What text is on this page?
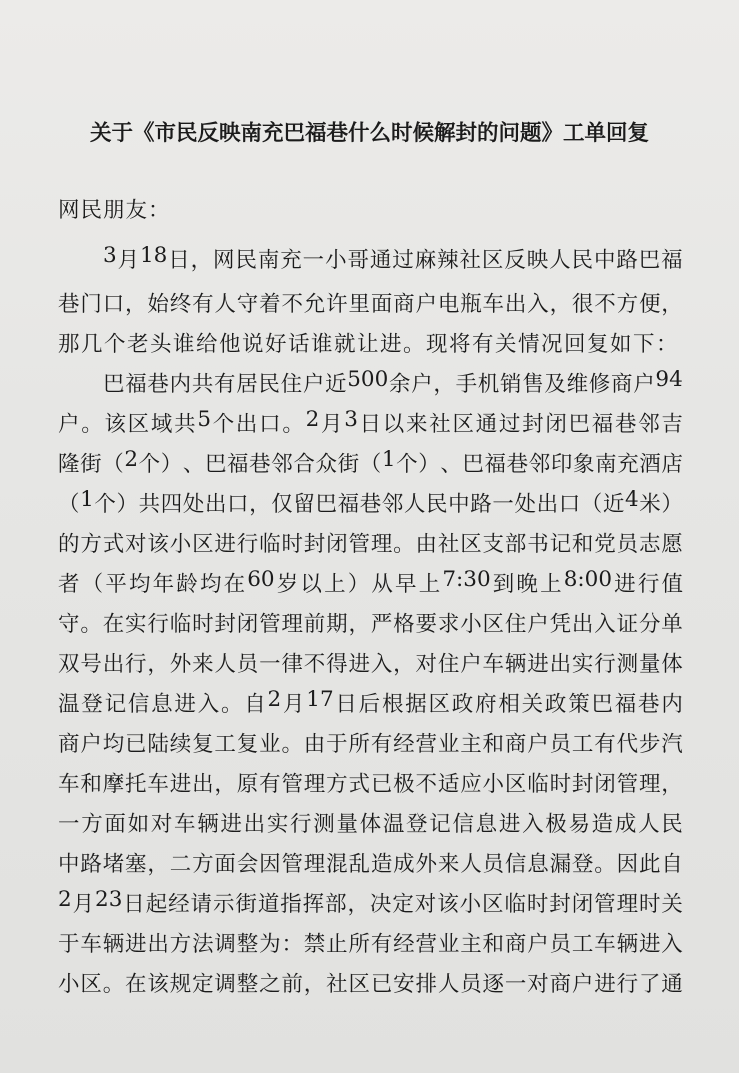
关于《市民反映南充巴福巷什么时候解封的问题》工单回复
网民朋友：
3 月 18 日 ， 网 民 南 充 一 小 哥 通 过 麻 辣 社 区 反 映 人 民 中 路 巴 福
巷 门 口 ， 始 终 有 人 守 着 不 允 许 里 面 商 户 电 瓶 车 出 入 ， 很 不 方 便 ，
那几个老头谁给他说好话谁就让进。现将有关情况回复如下：
巴 福 巷 内 共 有 居 民 住 户 近 500 余 户 ， 手 机 销 售 及 维 修 商 户 94
户 。 该 区 域 共 5 个 出 口 。 2 月 3 日 以 来 社 区 通 过 封 闭 巴 福 巷 邻 吉
隆 街 （ 2 个 ） 、 巴 福 巷 邻 合 众 街 （ 1 个 ） 、 巴 福 巷 邻 印 象 南 充 酒 店
（ 1 个 ） 共 四 处 出 口 ， 仅 留 巴 福 巷 邻 人 民 中 路 一 处 出 口 （ 近 4 米 ）
的 方 式 对 该 小 区 进 行 临 时 封 闭 管 理 。 由 社 区 支 部 书 记 和 党 员 志 愿
者 （ 平 均 年 龄 均 在 60 岁 以 上 ） 从 早 上 7:30 到 晚 上 8:00 进 行 值
守 。 在 实 行 临 时 封 闭 管 理 前 期 ， 严 格 要 求 小 区 住 户 凭 出 入 证 分 单
双 号 出 行 ， 外 来 人 员 一 律 不 得 进 入 ， 对 住 户 车 辆 进 出 实 行 测 量 体
温 登 记 信 息 进 入 。 自 2 月 17 日 后 根 据 区 政 府 相 关 政 策 巴 福 巷 内
商 户 均 已 陆 续 复 工 复 业 。 由 于 所 有 经 营 业 主 和 商 户 员 工 有 代 步 汽
车 和 摩 托 车 进 出 ， 原 有 管 理 方 式 已 极 不 适 应 小 区 临 时 封 闭 管 理 ，
一 方 面 如 对 车 辆 进 出 实 行 测 量 体 温 登 记 信 息 进 入 极 易 造 成 人 民
中 路 堵 塞 ， 二 方 面 会 因 管 理 混 乱 造 成 外 来 人 员 信 息 漏 登 。 因 此 自
2 月 23 日 起 经 请 示 街 道 指 挥 部 ， 决 定 对 该 小 区 临 时 封 闭 管 理 时 关
于 车 辆 进 出 方 法 调 整 为 ： 禁 止 所 有 经 营 业 主 和 商 户 员 工 车 辆 进 入
小 区 。 在 该 规 定 调 整 之 前 ， 社 区 已 安 排 人 员 逐 一 对 商 户 进 行 了 通
